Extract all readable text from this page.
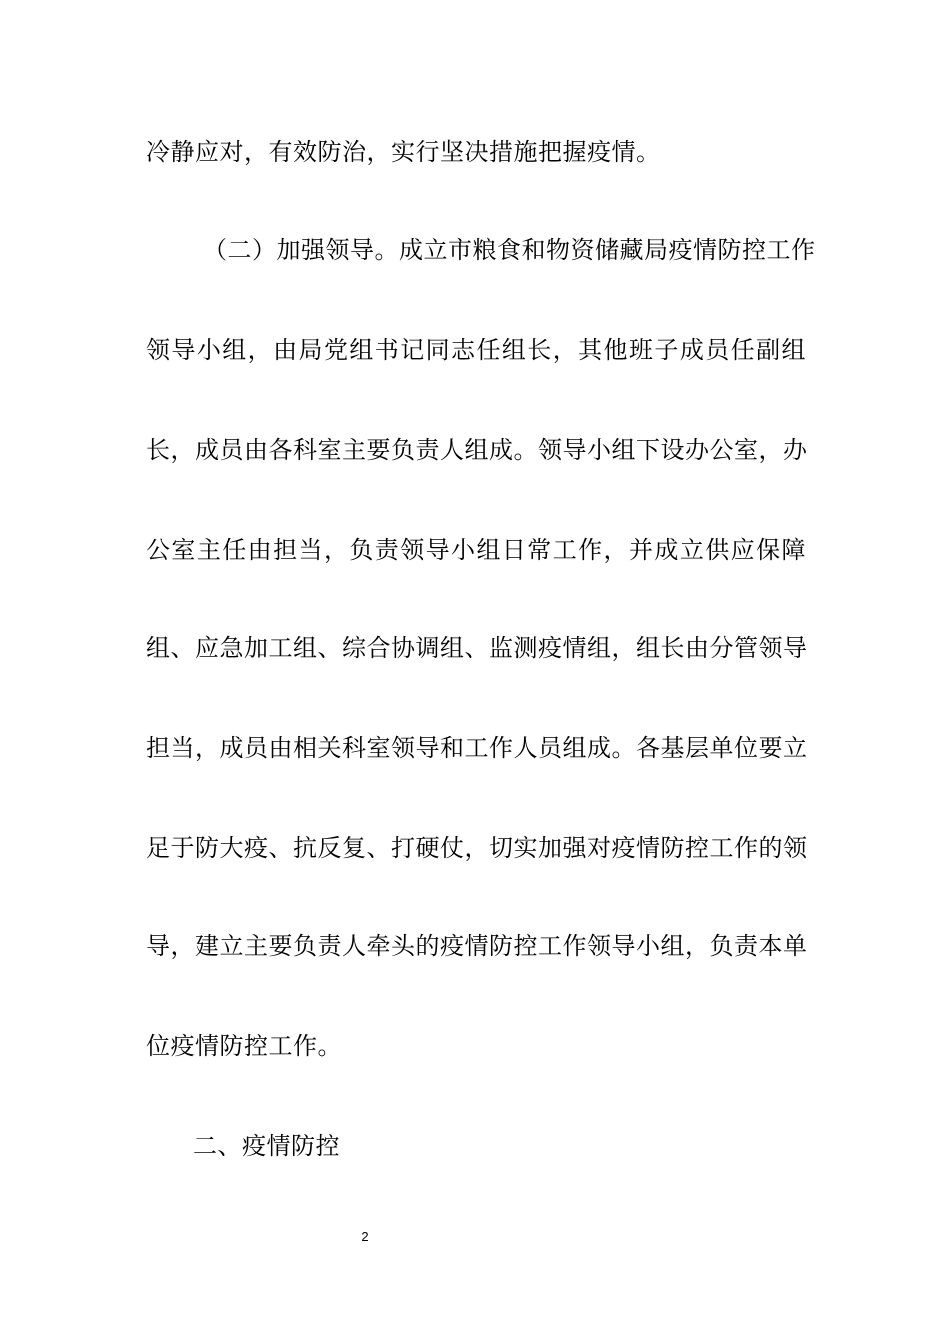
冷静应对，有效防治，实行坚决措施把握疫情。
（二）加强领导。成立市粮食和物资储藏局疫情防控工作
领导小组，由局党组书记同志任组长，其他班子成员任副组
长，成员由各科室主要负责人组成。领导小组下设办公室，办
公室主任由担当，负责领导小组日常工作，并成立供应保障
组、应急加工组、综合协调组、监测疫情组，组长由分管领导
担当，成员由相关科室领导和工作人员组成。各基层单位要立
足于防大疫、抗反复、打硬仗，切实加强对疫情防控工作的领
导，建立主要负责人牵头的疫情防控工作领导小组，负责本单
位疫情防控工作。
二、疫情防控
2
